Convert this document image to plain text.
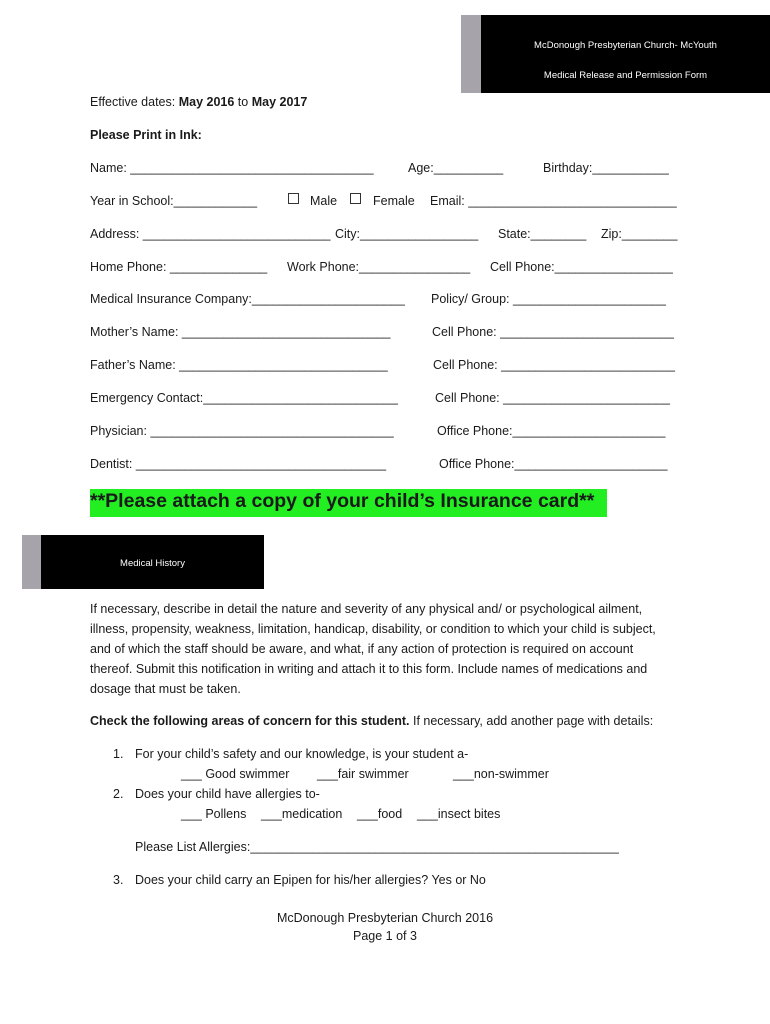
McDonough Presbyterian Church- McYouth
Medical Release and Permission Form
Effective dates: May 2016 to May 2017
Please Print in Ink:
Name: ___________________________________	Age:__________	Birthday:___________
Year in School:____________	Male	Female Email: ______________________________
Address: ___________________________ City:_________________ State:________ Zip:________
Home Phone: ______________ Work Phone:________________ Cell Phone:_________________
Medical Insurance Company:______________________ Policy/ Group: ______________________
Mother’s Name: ______________________________	Cell Phone: _________________________
Father’s Name: ______________________________	Cell Phone: _________________________
Emergency Contact:____________________________	Cell Phone: ________________________
Physician: ___________________________________	Office Phone:______________________
Dentist: ____________________________________	Office Phone:______________________
**Please attach a copy of your child’s Insurance card**
Medical History
If necessary, describe in detail the nature and severity of any physical and/ or psychological ailment,
illness, propensity, weakness, limitation, handicap, disability, or condition to which your child is subject,
and of which the staff should be aware, and what, if any action of protection is required on account
thereof. Submit this notification in writing and attach it to this form. Include names of medications and
dosage that must be taken.
Check the following areas of concern for this student. If necessary, add another page with details:
1. For your child’s safety and our knowledge, is your student a-
___ Good swimmer ___fair swimmer	___non-swimmer
2. Does your child have allergies to-
___ Pollens ___medication ___food ___insect bites
Please List Allergies:_____________________________________________________
3. Does your child carry an Epipen for his/her allergies? Yes or No
McDonough Presbyterian Church 2016
Page 1 of 3
